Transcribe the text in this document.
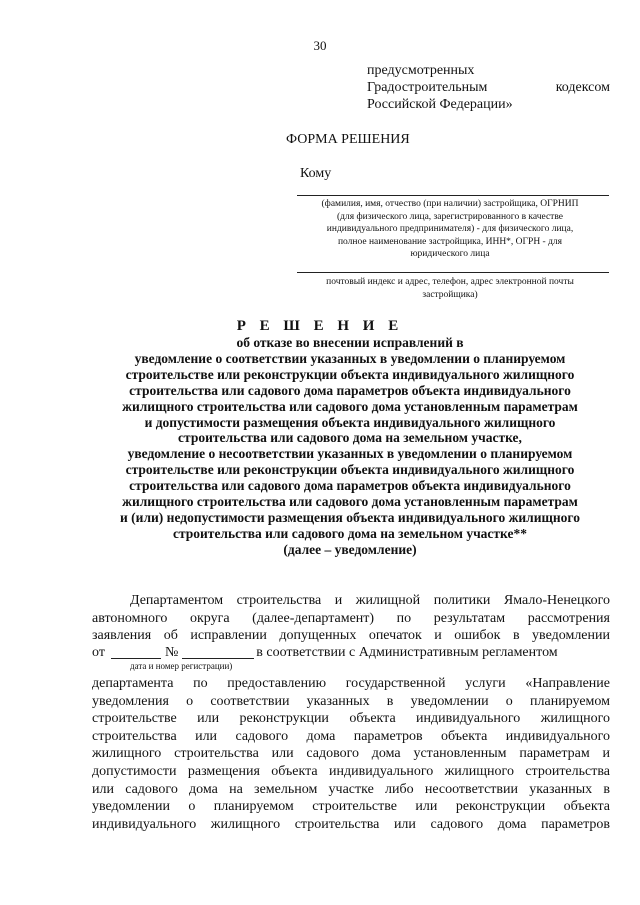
30
предусмотренных
Градостроительным	кодексом
Российской Федерации»
ФОРМА РЕШЕНИЯ
Кому
(фамилия, имя, отчество (при наличии) застройщика, ОГРНИП
(для физического лица, зарегистрированного в качестве
индивидуального предпринимателя) - для физического лица,
полное наименование застройщика, ИНН*, ОГРН - для
юридического лица
почтовый индекс и адрес, телефон, адрес электронной почты
застройщика)
Р Е Ш Е Н И Е
об отказе во внесении исправлений в
уведомление о соответствии указанных в уведомлении о планируемом
строительстве или реконструкции объекта индивидуального жилищного
строительства или садового дома параметров объекта индивидуального
жилищного строительства или садового дома установленным параметрам
и допустимости размещения объекта индивидуального жилищного
строительства или садового дома на земельном участке,
уведомление о несоответствии указанных в уведомлении о планируемом
строительстве или реконструкции объекта индивидуального жилищного
строительства или садового дома параметров объекта индивидуального
жилищного строительства или садового дома установленным параметрам
и (или) недопустимости размещения объекта индивидуального жилищного
строительства или садового дома на земельном участке**
(далее – уведомление)
Департаментом строительства и жилищной политики Ямало-Ненецкого
автономного округа (далее-департамент) по результатам рассмотрения
заявления об исправлении допущенных опечаток и ошибок в уведомлении
от	№	в соответствии с Административным регламентом
дата и номер регистрации)
департамента по предоставлению государственной услуги «Направление
уведомления о соответствии указанных в уведомлении о планируемом
строительстве или реконструкции объекта индивидуального жилищного
строительства или садового дома параметров объекта индивидуального
жилищного строительства или садового дома установленным параметрам и
допустимости размещения объекта индивидуального жилищного строительства
или садового дома на земельном участке либо несоответствии указанных в
уведомлении о планируемом строительстве или реконструкции объекта
индивидуального жилищного строительства или садового дома параметров
